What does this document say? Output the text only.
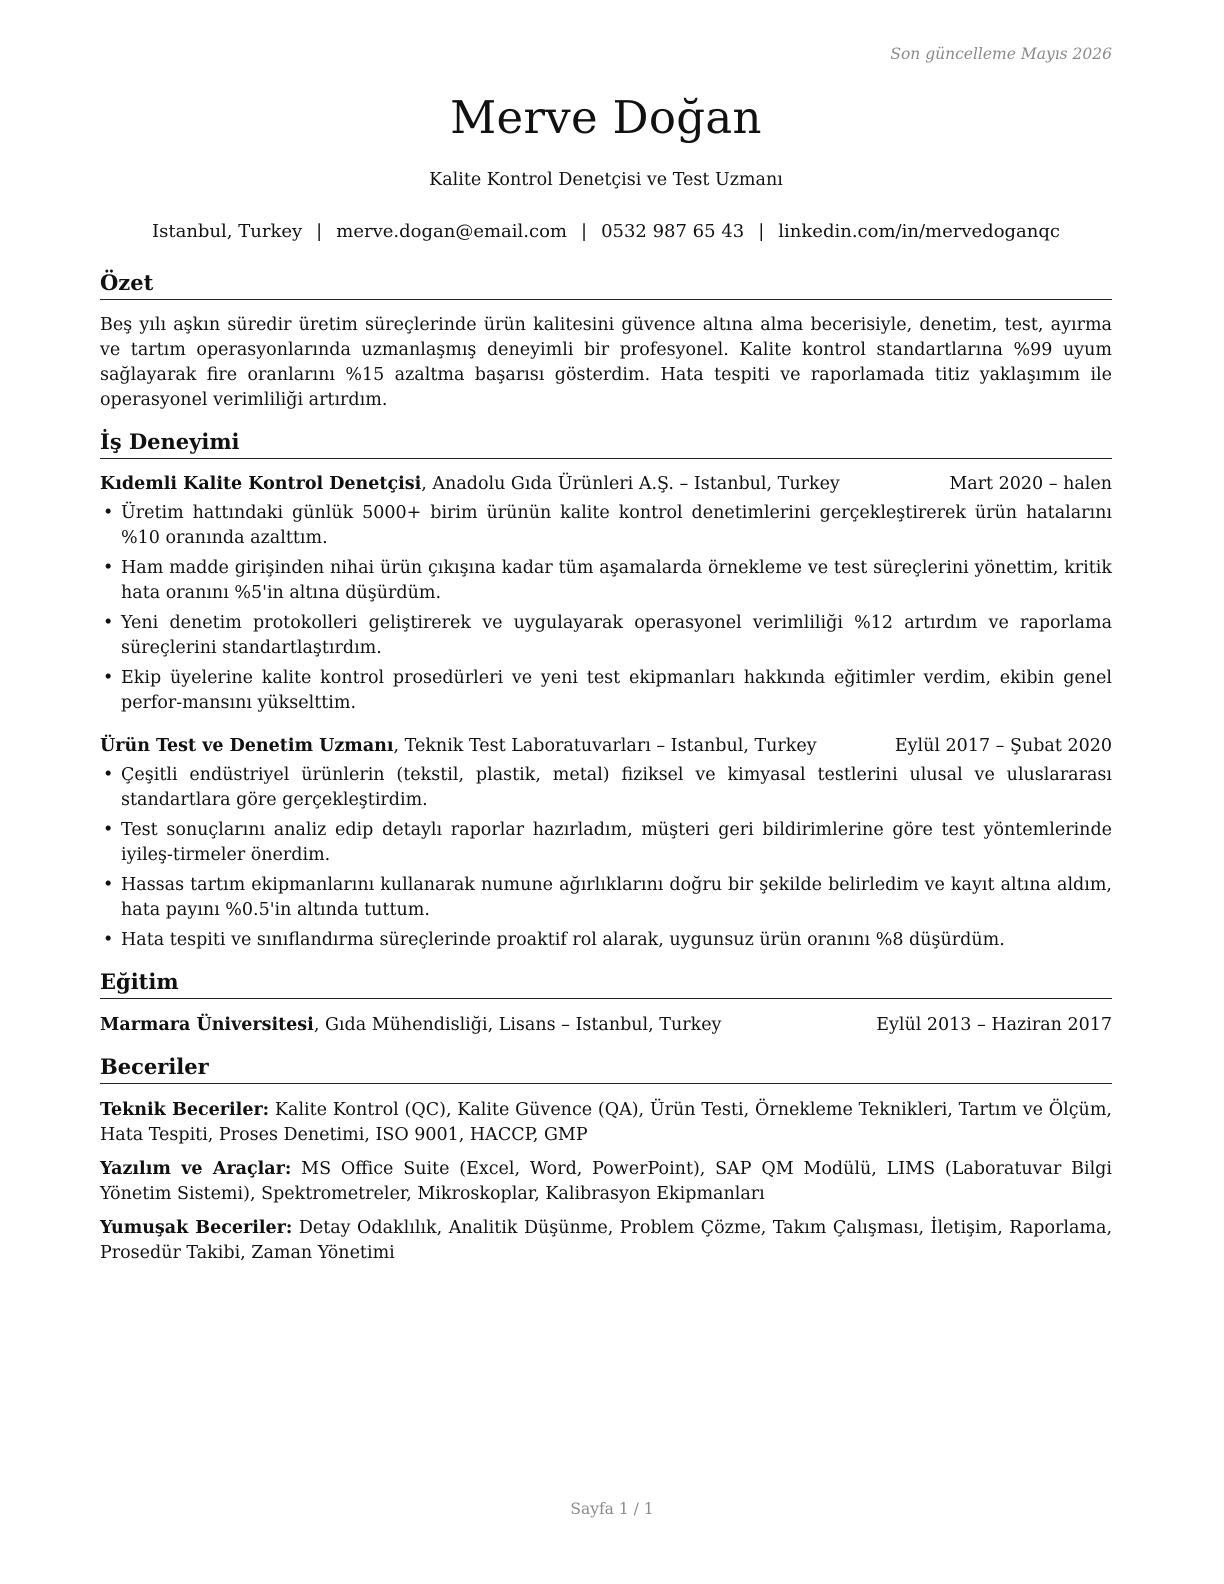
Son güncelleme Mayıs 2026
Merve Doğan
Kalite Kontrol Denetçisi ve Test Uzmanı
Istanbul, Turkey | merve.dogan@email.com | 0532 987 65 43 | linkedin.com/in/mervedoganqc
Özet

Beş yılı aşkın süredir üretim süreçlerinde ürün kalitesini güvence altına alma becerisiyle, denetim, test, ayırma ve tartım operasyonlarında uzmanlaşmış deneyimli bir profesyonel. Kalite kontrol standartlarına %99 uyum sağlayarak fire oranlarını %15 azaltma başarısı gösterdim. Hata tespiti ve raporlamada titiz yaklaşımım ile operasyonel verimliliği artırdım.

İş Deneyimi
Kıdemli Kalite Kontrol Denetçisi, Anadolu Gıda Ürünleri A.Ş. – Istanbul, Turkey	Mart 2020 – halen
• Üretim hattındaki günlük 5000+ birim ürünün kalite kontrol denetimlerini gerçekleştirerek ürün hatalarını %10 oranında azalttım.
• Ham madde girişinden nihai ürün çıkışına kadar tüm aşamalarda örnekleme ve test süreçlerini yönettim, kritik hata oranını %5'in altına düşürdüm.
• Yeni denetim protokolleri geliştirerek ve uygulayarak operasyonel verimliliği %12 artırdım ve raporlama süreçlerini standartlaştırdım.
• Ekip üyelerine kalite kontrol prosedürleri ve yeni test ekipmanları hakkında eğitimler verdim, ekibin genel perfor-mansını yükselttim.
Ürün Test ve Denetim Uzmanı, Teknik Test Laboratuvarları – Istanbul, Turkey	Eylül 2017 – Şubat 2020
• Çeşitli endüstriyel ürünlerin (tekstil, plastik, metal) fiziksel ve kimyasal testlerini ulusal ve uluslararası standartlara göre gerçekleştirdim.
• Test sonuçlarını analiz edip detaylı raporlar hazırladım, müşteri geri bildirimlerine göre test yöntemlerinde iyileş-tirmeler önerdim.
• Hassas tartım ekipmanlarını kullanarak numune ağırlıklarını doğru bir şekilde belirledim ve kayıt altına aldım, hata payını %0.5'in altında tuttum.
• Hata tespiti ve sınıflandırma süreçlerinde proaktif rol alarak, uygunsuz ürün oranını %8 düşürdüm.
Eğitim
Marmara Üniversitesi, Gıda Mühendisliği, Lisans – Istanbul, Turkey	Eylül 2013 – Haziran 2017
Beceriler

Teknik Beceriler: Kalite Kontrol (QC), Kalite Güvence (QA), Ürün Testi, Örnekleme Teknikleri, Tartım ve Ölçüm, Hata Tespiti, Proses Denetimi, ISO 9001, HACCP, GMP

Yazılım ve Araçlar: MS Office Suite (Excel, Word, PowerPoint), SAP QM Modülü, LIMS (Laboratuvar Bilgi Yönetim Sistemi), Spektrometreler, Mikroskoplar, Kalibrasyon Ekipmanları

Yumuşak Beceriler: Detay Odaklılık, Analitik Düşünme, Problem Çözme, Takım Çalışması, İletişim, Raporlama, Prosedür Takibi, Zaman Yönetimi

Sayfa 1 / 1
